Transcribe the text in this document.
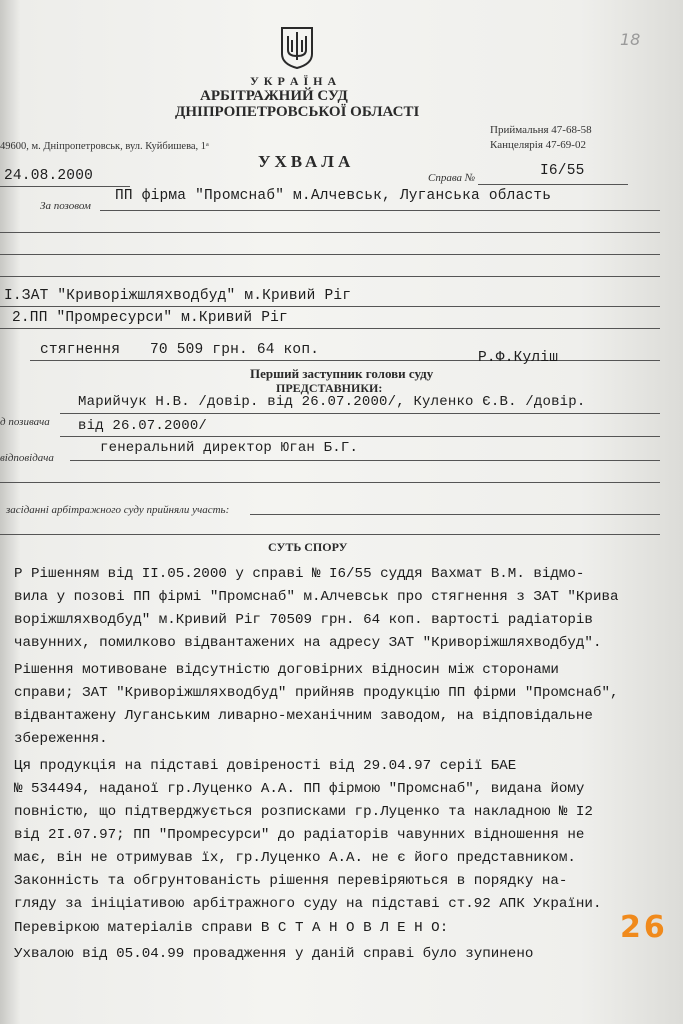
У К Р А Ї Н А
АРБІТРАЖНИЙ СУД
ДНІПРОПЕТРОВСЬКОЇ ОБЛАСТІ
49600, м. Дніпропетровськ, вул. Куйбишева, 1ᵃ
Приймальня 47-68-58
Канцелярія 47-69-02
18
УХВАЛА
24.08.2000	Справа №	І6/55
За позовом
ПП фірма "Промснаб" м.Алчевськ, Луганська область
І.ЗАТ "Криворіжшляхводбуд" м.Кривий Ріг
2.ПП "Промресурси" м.Кривий Ріг
стягнення 70 509 грн. 64 коп.
Перший заступник голови суду
Р.Ф.Куліш
ПРЕДСТАВНИКИ:
д позивача
Марийчук Н.В. /довір. від 26.07.2000/, Куленко Є.В. /довір.
від 26.07.2000/
відповідача
генеральний директор Юган Б.Г.
засіданні арбітражного суду прийняли участь:
СУТЬ СПОРУ
Р Рішенням від ІІ.05.2000 у справі № І6/55 суддя Вахмат В.М. відмо-
вила у позові ПП фірмі "Промснаб" м.Алчевськ про стягнення з ЗАТ "Крива
воріжшляхводбуд" м.Кривий Ріг 70509 грн. 64 коп. вартості радіаторів
чавунних, помилково відвантажених на адресу ЗАТ "Криворіжшляхводбуд".
Рішення мотивоване відсутністю договірних відносин між сторонами
справи; ЗАТ "Криворіжшляхводбуд" прийняв продукцію ПП фірми "Промснаб",
відвантажену Луганським ливарно-механічним заводом, на відповідальне
збереження.
Ця продукція на підставі довіреності від 29.04.97 серії БАЕ
№ 534494, наданої гр.Луценко А.А. ПП фірмою "Промснаб", видана йому
повністю, що підтверджується розписками гр.Луценко та накладною № І2
від 2І.07.97; ПП "Промресурси" до радіаторів чавунних відношення не
має, він не отримував їх, гр.Луценко А.А. не є його представником.
Законність та обгрунтованість рішення перевіряються в порядку на-
гляду за ініціативою арбітражного суду на підставі ст.92 АПК України.
Перевіркою матеріалів справи В С Т А Н О В Л Е Н О:
Ухвалою від 05.04.99 провадження у даній справі було зупинено
26
